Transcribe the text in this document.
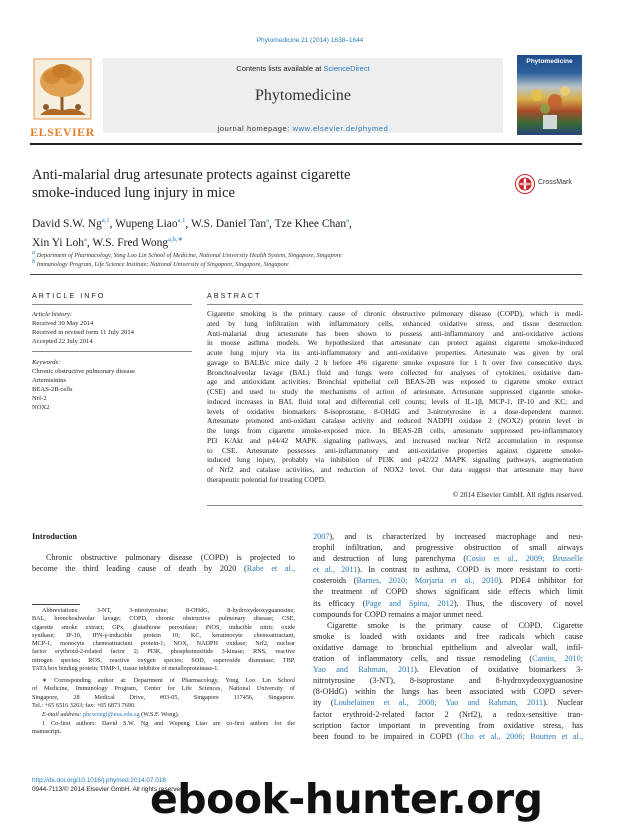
Phytomedicine 21 (2014) 1638–1644
ELSEVIER
Contents lists available at ScienceDirect
Phytomedicine
journal homepage: www.elsevier.de/phymed
Phytomedicine
Anti-malarial drug artesunate protects against cigarette
smoke-induced lung injury in mice
CrossMark
David S.W. Ng$^{a,1}$, Wupeng Liao$^{a,1}$, W.S. Daniel Tan$^a$, Tze Khee Chan$^a$,
Xin Yi Loh$^a$, W.S. Fred Wong$^{a,b,∗}$
$^a$ Department of Pharmacology, Yong Loo Lin School of Medicine, National University Health System, Singapore, Singapore
$^b$ Immunology Program, Life Science Institute; National University of Singapore, Singapore, Singapore
ARTICLE INFO
Article history:
Received 30 May 2014
Received in revised form 11 July 2014
Accepted 22 July 2014
Keywords:
Chronic obstructive pulmonary disease
Artemisinins
BEAS-2B cells
Nrf-2
NOX2
ABSTRACT
Cigarette smoking is the primary cause of chronic obstructive pulmonary disease (COPD), which is medi-
ated by lung infiltration with inflammatory cells, enhanced oxidative stress, and tissue destruction.
Anti-malarial drug artesunate has been shown to possess anti-inflammatory and anti-oxidative actions
in mouse asthma models. We hypothesized that artesunate can protect against cigarette smoke-induced
acute lung injury via its anti-inflammatory and anti-oxidative properties. Artesunate was given by oral
gavage to BALB/c mice daily 2 h before 4% cigarette smoke exposure for 1 h over five consecutive days.
Bronchoalveolar lavage (BAL) fluid and lungs were collected for analyses of cytokines, oxidative dam-
age and antioxidant activities. Bronchial epithelial cell BEAS-2B was exposed to cigarette smoke extract
(CSE) and used to study the mechanisms of action of artesunate. Artesunate suppressed cigarette smoke-
induced increases in BAL fluid total and differential cell counts; levels of IL-1β, MCP-1, IP-10 and KC; and
levels of oxidative biomarkers 8-isoprostane, 8-OHdG and 3-nitrotyrosine in a dose-dependent manner.
Artesunate promoted anti-oxidant catalase activity and reduced NADPH oxidase 2 (NOX2) protein level in
the lungs from cigarette smoke-exposed mice. In BEAS-2B cells, artesunate suppressed pro-inflammatory
PI3 K/Akt and p44/42 MAPK signaling pathways, and increased nuclear Nrf2 accumulation in response
to CSE. Artesunate possesses anti-inflammatory and anti-oxidative properties against cigarette smoke-
induced lung injury, probably via inhibition of PI3K and p42/22 MAPK signaling pathways, augmentation
of Nrf2 and catalase activities, and reduction of NOX2 level. Our data suggest that artesunate may have
therapeutic potential for treating COPD.
© 2014 Elsevier GmbH. All rights reserved.
Introduction
Chronic obstructive pulmonary disease (COPD) is projected to
become the third leading cause of death by 2020 (Rabe et al.,
2007), and is characterized by increased macrophage and neu-
trophil infiltration, and progressive obstruction of small airways
and destruction of lung parenchyma (Cosio et al., 2009; Brusselle
et al., 2011). In contrast to asthma, COPD is more resistant to corti-
costeroids (Barnes, 2010; Morjaria et al., 2010). PDE4 inhibitor for
the treatment of COPD shows significant side effects which limit
its efficacy (Page and Spina, 2012). Thus, the discovery of novel
compounds for COPD remains a major unmet need.
Cigarette smoke is the primary cause of COPD. Cigarette
smoke is loaded with oxidants and free radicals which cause
oxidative damage to bronchial epithelium and alveolar wall, infil-
tration of inflammatory cells, and tissue remodeling (Cantin, 2010;
Yao and Rahman, 2011). Elevation of oxidative biomarkers 3-
nitrotyrosine (3-NT), 8-isoprostane and 8-hydroxydeoxyguanosine
(8-OHdG) within the lungs has been associated with COPD sever-
ity (Louhelainen et al., 2008; Yao and Rahman, 2011). Nuclear
factor erythroid-2-related factor 2 (Nrf2), a redox-sensitive tran-
scription factor important in preventing from oxidative stress, has
been found to be impaired in COPD (Cho et al., 2006; Boutten et al.,
Abbreviations: 3-NT, 3-nitrotyrosine; 8-OHdG, 8-hydroxydeoxyguanosine;
BAL, bronchoalveolar lavage; COPD, chronic obstructive pulmonary disease; CSE,
cigarette smoke extract; GPx, glutathione peroxidase; iNOS, inducible nitric oxide
synthase; IP-10, IFN-γ-inducible protein 10; KC, keratinocyte chemoattractant;
MCP-1, monocyte chemoattractant protein-1; NOX, NADPH oxidase; Nrf2, nuclear
factor erythroid-2-related factor 2; PI3K, phosphoinositide 3-kinase; RNS, reactive
nitrogen species; ROS, reactive oxygen species; SOD, superoxide dismutase; TBP,
TATA box binding protein; TIMP-1, tissue inhibitor of metalloproteinase-1.
∗ Corresponding author at: Department of Pharmacology, Yong Loo Lin School
of Medicine, Immunology Program, Center for Life Sciences, National University of
Singapore, 28 Medical Drive, #03-05, Singapore 117456, Singapore.
Tel.: +65 6516 3263; fax: +65 6873 7690.
E-mail address: phcwongf@nus.edu.sg (W.S.F. Wong).
1 Co-first authors: David S.W. Ng and Wupeng Liao are co-first authors for the
manuscript.
http://dx.doi.org/10.1016/j.phymed.2014.07.018
0944-7113/© 2014 Elsevier GmbH. All rights reserved.
ebook-hunter.org
